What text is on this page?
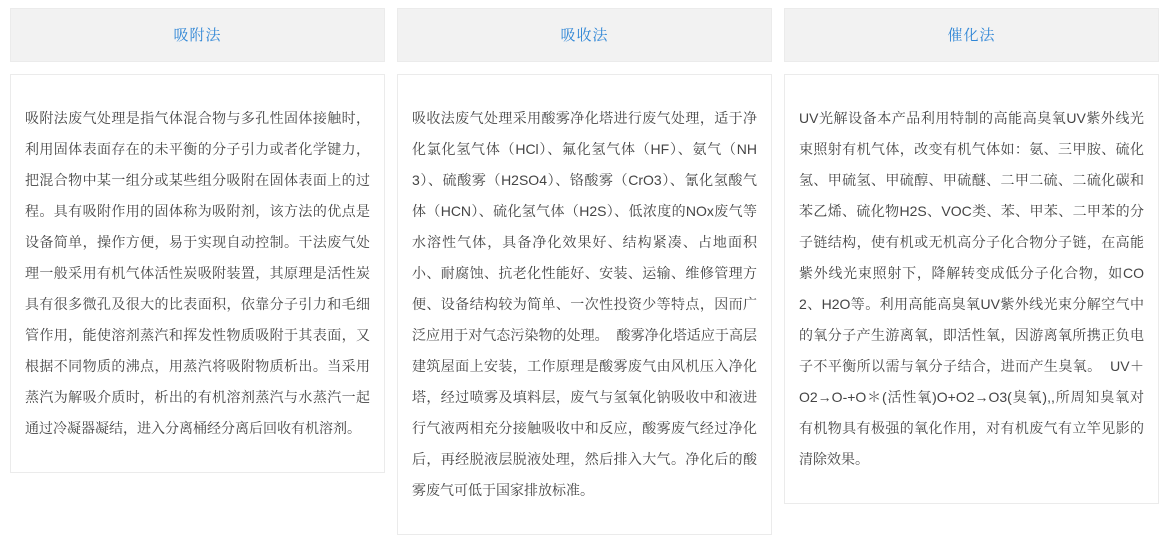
吸附法

吸附法废气处理是指气体混合物与多孔性固体接触时，利用固体表面存在的未平衡的分子引力或者化学键力，把混合物中某一组分或某些组分吸附在固体表面上的过程。具有吸附作用的固体称为吸附剂，该方法的优点是设备简单，操作方便，易于实现自动控制。干法废气处理一般采用有机气体活性炭吸附装置，其原理是活性炭具有很多微孔及很大的比表面积，依靠分子引力和毛细管作用，能使溶剂蒸汽和挥发性物质吸附于其表面，又根据不同物质的沸点，用蒸汽将吸附物质析出。当采用蒸汽为解吸介质时，析出的有机溶剂蒸汽与水蒸汽一起通过冷凝器凝结，进入分离桶经分离后回收有机溶剂。

吸收法

吸收法废气处理采用酸雾净化塔进行废气处理，适于净化氯化氢气体（HCl）、氟化氢气体（HF）、氨气（NH3）、硫酸雾（H2SO4）、铬酸雾（CrO3）、氰化氢酸气体（HCN）、硫化氢气体（H2S）、低浓度的NOx废气等水溶性气体，具备净化效果好、结构紧凑、占地面积小、耐腐蚀、抗老化性能好、安装、运输、维修管理方便、设备结构较为简单、一次性投资少等特点，因而广泛应用于对气态污染物的处理。  酸雾净化塔适应于高层建筑屋面上安装，工作原理是酸雾废气由风机压入净化塔，经过喷雾及填料层，废气与氢氧化钠吸收中和液进行气液两相充分接触吸收中和反应，酸雾废气经过净化后，再经脱液层脱液处理，然后排入大气。净化后的酸雾废气可低于国家排放标准。

催化法

UV光解设备本产品利用特制的高能高臭氧UV紫外线光束照射有机气体，改变有机气体如：氨、三甲胺、硫化氢、甲硫氢、甲硫醇、甲硫醚、二甲二硫、二硫化碳和苯乙烯、硫化物H2S、VOC类、苯、甲苯、二甲苯的分子链结构，使有机或无机高分子化合物分子链，在高能紫外线光束照射下，降解转变成低分子化合物，如CO2、H2O等。利用高能高臭氧UV紫外线光束分解空气中的氧分子产生游离氧，即活性氧，因游离氧所携正负电子不平衡所以需与氧分子结合，进而产生臭氧。  UV＋O2→O-+O＊(活性氧)O+O2→O3(臭氧),,所周知臭氧对有机物具有极强的氧化作用，对有机废气有立竿见影的清除效果。
